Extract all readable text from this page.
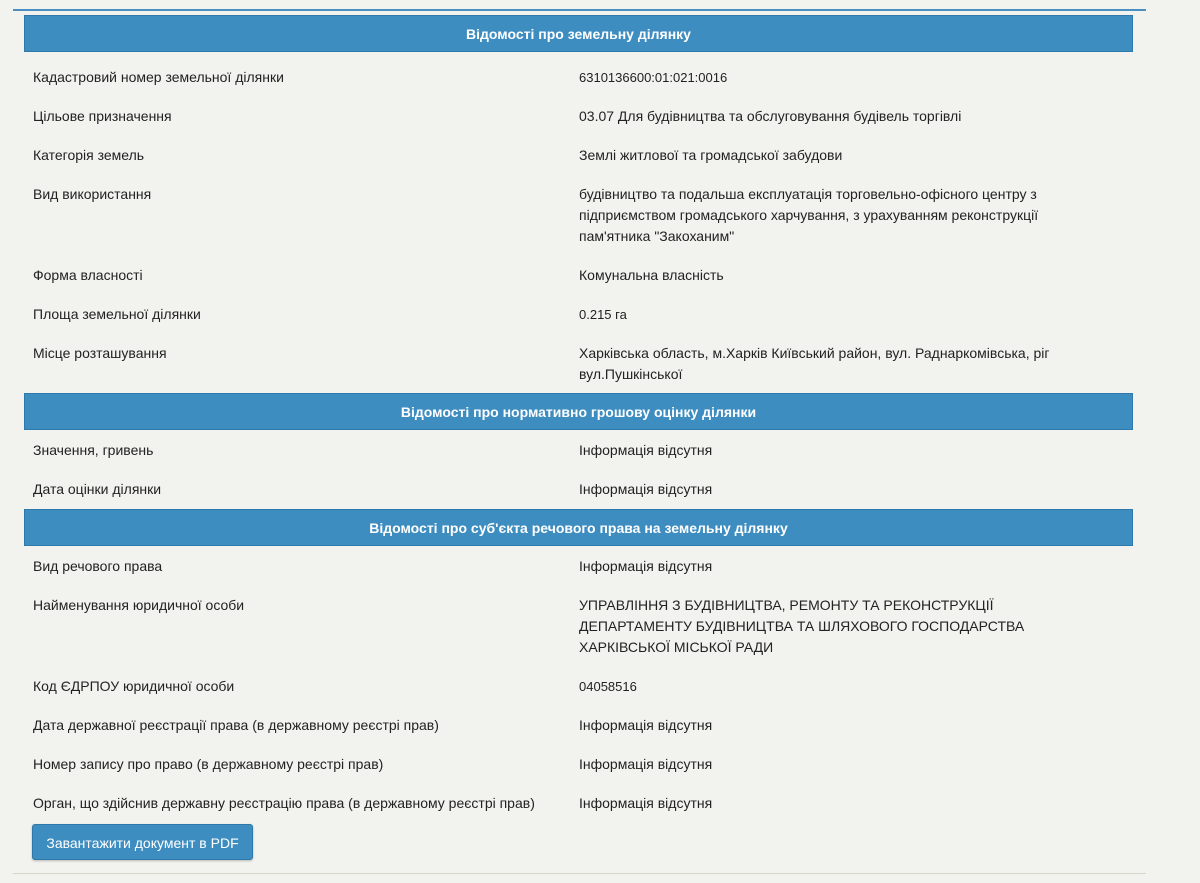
Відомості про земельну ділянку
Кадастровий номер земельної ділянки	6310136600:01:021:0016
Цільове призначення	03.07 Для будівництва та обслуговування будівель торгівлі
Категорія земель	Землі житлової та громадської забудови
Вид використання	будівництво та подальша експлуатація торговельно-офісного центру з підприємством громадського харчування, з урахуванням реконструкції пам'ятника "Закоханим"
Форма власності	Комунальна власність
Площа земельної ділянки	0.215 га
Місце розташування	Харківська область, м.Харків Київський район, вул. Раднаркомівська, ріг вул.Пушкінської
Відомості про нормативно грошову оцінку ділянки
Значення, гривень	Інформація відсутня
Дата оцінки ділянки	Інформація відсутня
Відомості про суб'єкта речового права на земельну ділянку
Вид речового права	Інформація відсутня
Найменування юридичної особи	УПРАВЛІННЯ З БУДІВНИЦТВА, РЕМОНТУ ТА РЕКОНСТРУКЦІЇ ДЕПАРТАМЕНТУ БУДІВНИЦТВА ТА ШЛЯХОВОГО ГОСПОДАРСТВА ХАРКІВСЬКОЇ МІСЬКОЇ РАДИ
Код ЄДРПОУ юридичної особи	04058516
Дата державної реєстрації права (в державному реєстрі прав)	Інформація відсутня
Номер запису про право (в державному реєстрі прав)	Інформація відсутня
Орган, що здійснив державну реєстрацію права (в державному реєстрі прав)	Інформація відсутня
Завантажити документ в PDF
